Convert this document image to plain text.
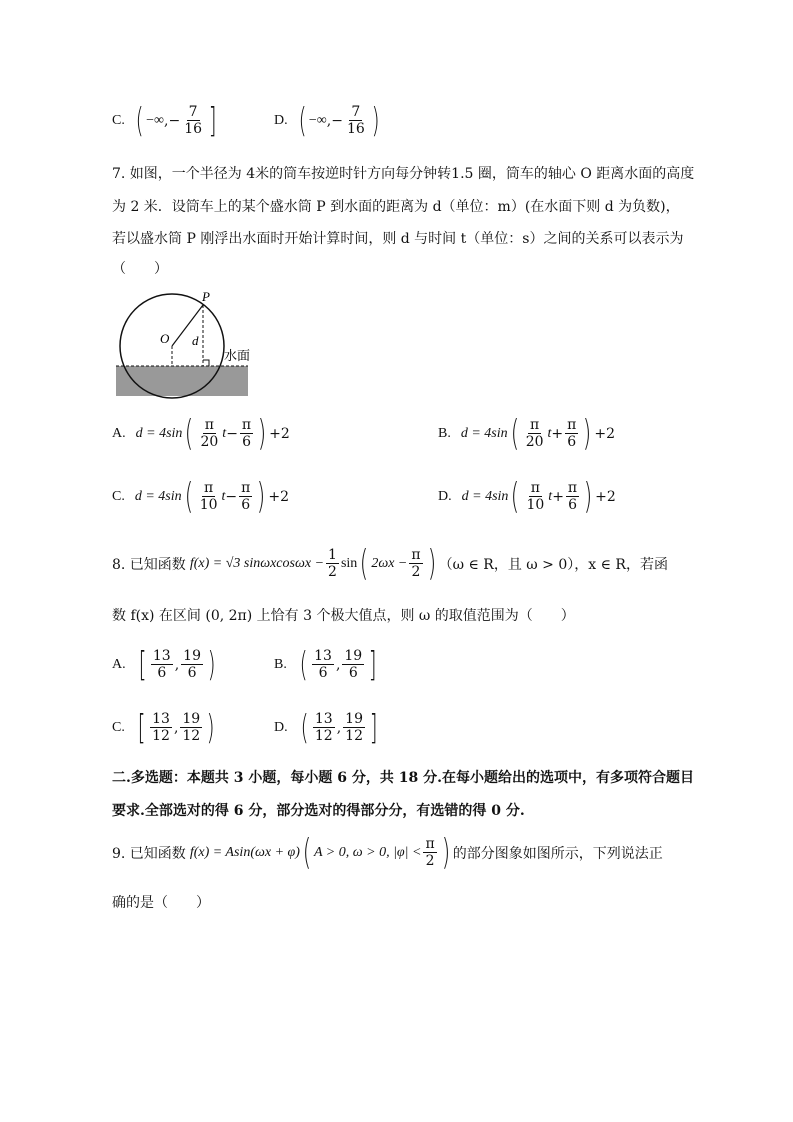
C. ( −∞ ,− $\frac{7}{16}$ ]	D. ( −∞ ,− $\frac{7}{16}$ )
7. 如图，一个半径为 4米的筒车按逆时针方向每分钟转1.5 圈，筒车的轴心 O 距离水面的高度
为 2 米．设筒车上的某个盛水筒 P 到水面的距离为 d（单位：m）(在水面下则 d 为负数)，
若以盛水筒 P 刚浮出水面时开始计算时间，则 d 与时间 t（单位：s）之间的关系可以表示为
（　　）
P
O d
水面
A. d = 4sin ( $\frac{\pi}{20}$ $t - \frac{\pi}{6}$ ) +2	B. d = 4sin ( $\frac{\pi}{20}$ $t + \frac{\pi}{6}$ ) +2
C. d = 4sin ( $\frac{\pi}{10}$ $t - \frac{\pi}{6}$ ) +2	D. d = 4sin ( $\frac{\pi}{10}$ $t + \frac{\pi}{6}$ ) +2
8. 已知函数 f(x) = √3 $\sin\omega xcos\omega x - \frac{1}{2}$ sin ( $2\omega x - \frac{\pi}{2}$ ) （ω ∈ R，且 ω > 0），x ∈ R，若函
数 f(x) 在区间 (0, 2π) 上恰有 3 个极大值点，则 ω 的取值范围为（　　）
A. [ $\frac{13}{6}$ , $\frac{19}{6}$ )	B. ( $\frac{13}{6}$ , $\frac{19}{6}$ ]
C. [ $\frac{13}{12}$ , $\frac{19}{12}$ )	D. ( $\frac{13}{12}$ , $\frac{19}{12}$ ]
二.多选题：本题共 3 小题，每小题 6 分，共 18 分.在每小题给出的选项中，有多项符合题目
要求.全部选对的得 6 分，部分选对的得部分分，有选错的得 0 分.
9. 已知函数 f(x) = Asin(ωx + φ) ( A > 0, ω > 0, $|\varphi| < \frac{\pi}{2}$ ) 的部分图象如图所示，下列说法正
确的是（　　）
